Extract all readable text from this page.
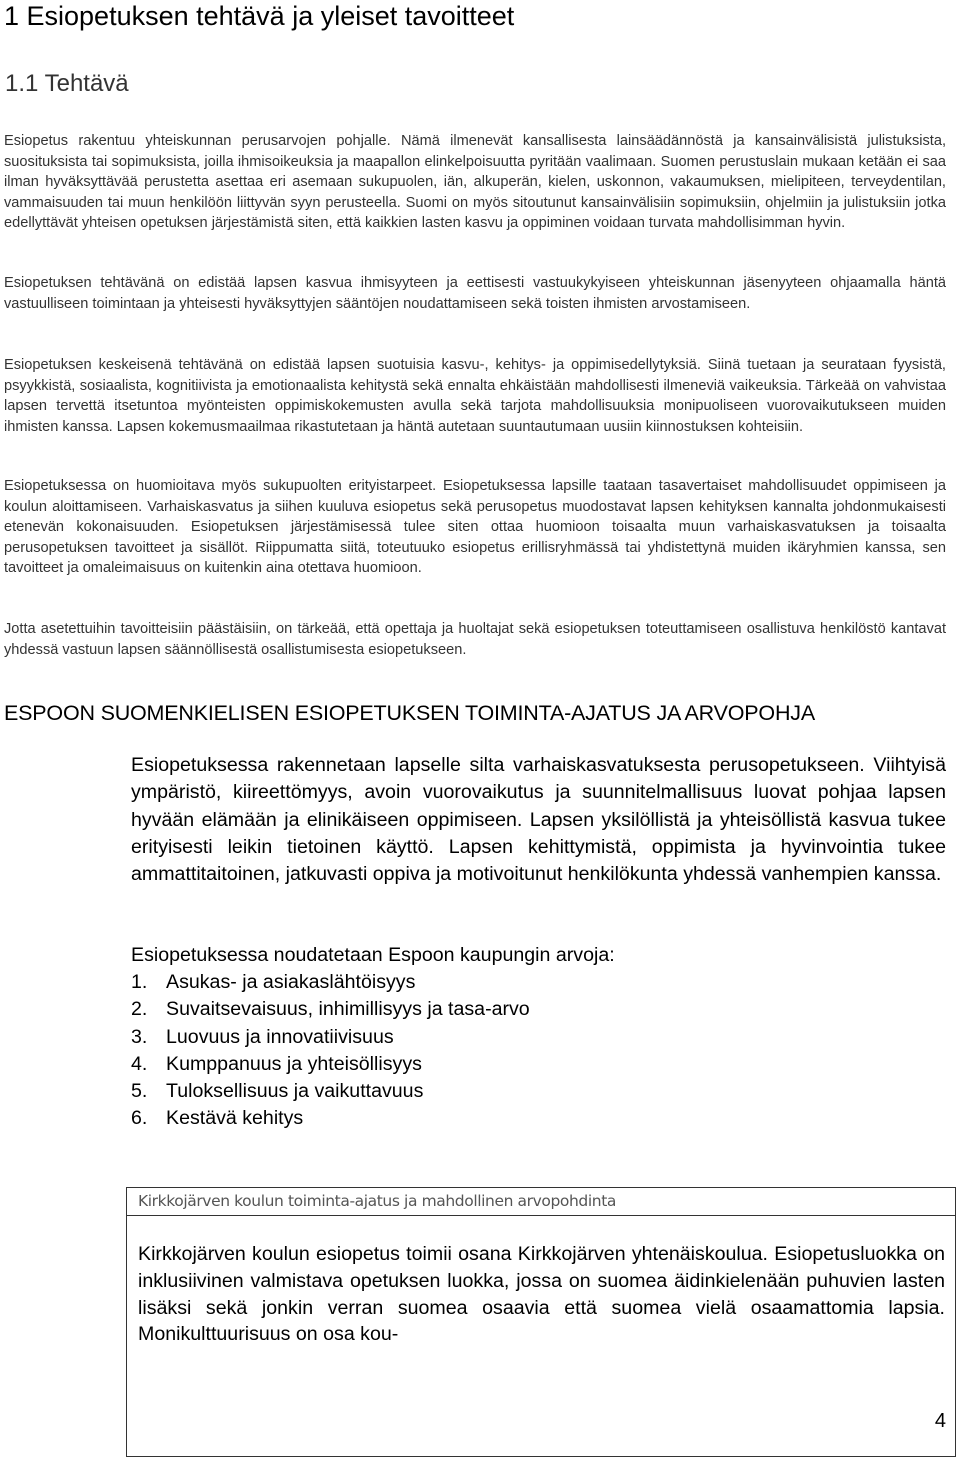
1 Esiopetuksen tehtävä ja yleiset tavoitteet
1.1 Tehtävä
Esiopetus rakentuu yhteiskunnan perusarvojen pohjalle. Nämä ilmenevät kansallisesta lainsäädännöstä ja kansainvälisistä julistuksista, suosituksista tai sopimuksista, joilla ihmisoikeuksia ja maapallon elinkelpoisuutta pyritään vaalimaan. Suomen perustuslain mukaan ketään ei saa ilman hyväksyttävää perustetta asettaa eri asemaan sukupuolen, iän, alkuperän, kielen, uskonnon, vakaumuksen, mielipiteen, terveydentilan, vammaisuuden tai muun henkilöön liittyvän syyn perusteella. Suomi on myös sitoutunut kansainvälisiin sopimuksiin, ohjelmiin ja julistuksiin jotka edellyttävät yhteisen opetuksen järjestämistä siten, että kaikkien lasten kasvu ja oppiminen voidaan turvata mahdollisimman hyvin.
Esiopetuksen tehtävänä on edistää lapsen kasvua ihmisyyteen ja eettisesti vastuukykyiseen yhteiskunnan jäsenyyteen ohjaamalla häntä vastuulliseen toimintaan ja yhteisesti hyväksyttyjen sääntöjen noudattamiseen sekä toisten ihmisten arvostamiseen.
Esiopetuksen keskeisenä tehtävänä on edistää lapsen suotuisia kasvu-, kehitys- ja oppimisedellytyksiä. Siinä tuetaan ja seurataan fyysistä, psyykkistä, sosiaalista, kognitiivista ja emotionaalista kehitystä sekä ennalta ehkäistään mahdollisesti ilmeneviä vaikeuksia. Tärkeää on vahvistaa lapsen tervettä itsetuntoa myönteisten oppimiskokemusten avulla sekä tarjota mahdollisuuksia monipuoliseen vuorovaikutukseen muiden ihmisten kanssa. Lapsen kokemusmaailmaa rikastutetaan ja häntä autetaan suuntautumaan uusiin kiinnostuksen kohteisiin.
Esiopetuksessa on huomioitava myös sukupuolten erityistarpeet. Esiopetuksessa lapsille taataan tasavertaiset mahdollisuudet oppimiseen ja koulun aloittamiseen. Varhaiskasvatus ja siihen kuuluva esiopetus sekä perusopetus muodostavat lapsen kehityksen kannalta johdonmukaisesti etenevän kokonaisuuden. Esiopetuksen järjestämisessä tulee siten ottaa huomioon toisaalta muun varhaiskasvatuksen ja toisaalta perusopetuksen tavoitteet ja sisällöt. Riippumatta siitä, toteutuuko esiopetus erillisryhmässä tai yhdistettynä muiden ikäryhmien kanssa, sen tavoitteet ja omaleimaisuus on kuitenkin aina otettava huomioon.
Jotta asetettuihin tavoitteisiin päästäisiin, on tärkeää, että opettaja ja huoltajat sekä esiopetuksen toteuttamiseen osallistuva henkilöstö kantavat yhdessä vastuun lapsen säännöllisestä osallistumisesta esiopetukseen.
ESPOON SUOMENKIELISEN ESIOPETUKSEN TOIMINTA-AJATUS JA ARVOPOHJA
Esiopetuksessa rakennetaan lapselle silta varhaiskasvatuksesta perusopetukseen. Viihtyisä ympäristö, kiireettömyys, avoin vuorovaikutus ja suunnitelmallisuus luovat pohjaa lapsen hyvään elämään ja elinikäiseen oppimiseen. Lapsen yksilöllistä ja yhteisöllistä kasvua tukee erityisesti leikin tietoinen käyttö. Lapsen kehittymistä, oppimista ja hyvinvointia tukee ammattitaitoinen, jatkuvasti oppiva ja motivoitunut henkilökunta yhdessä vanhempien kanssa.
Esiopetuksessa noudatetaan Espoon kaupungin arvoja:
1. Asukas- ja asiakaslähtöisyys
2. Suvaitsevaisuus, inhimillisyys ja tasa-arvo
3. Luovuus ja innovatiivisuus
4. Kumppanuus ja yhteisöllisyys
5. Tuloksellisuus ja vaikuttavuus
6. Kestävä kehitys
Kirkkojärven koulun toiminta-ajatus ja mahdollinen arvopohdinta
Kirkkojärven koulun esiopetus toimii osana Kirkkojärven yhtenäiskoulua. Esiopetusluokka on inklusiivinen valmistava opetuksen luokka, jossa on suomea äidinkielenään puhuvien lasten lisäksi sekä jonkin verran suomea osaavia että suomea vielä osaamattomia lapsia. Monikulttuurisuus on osa kou-
4
